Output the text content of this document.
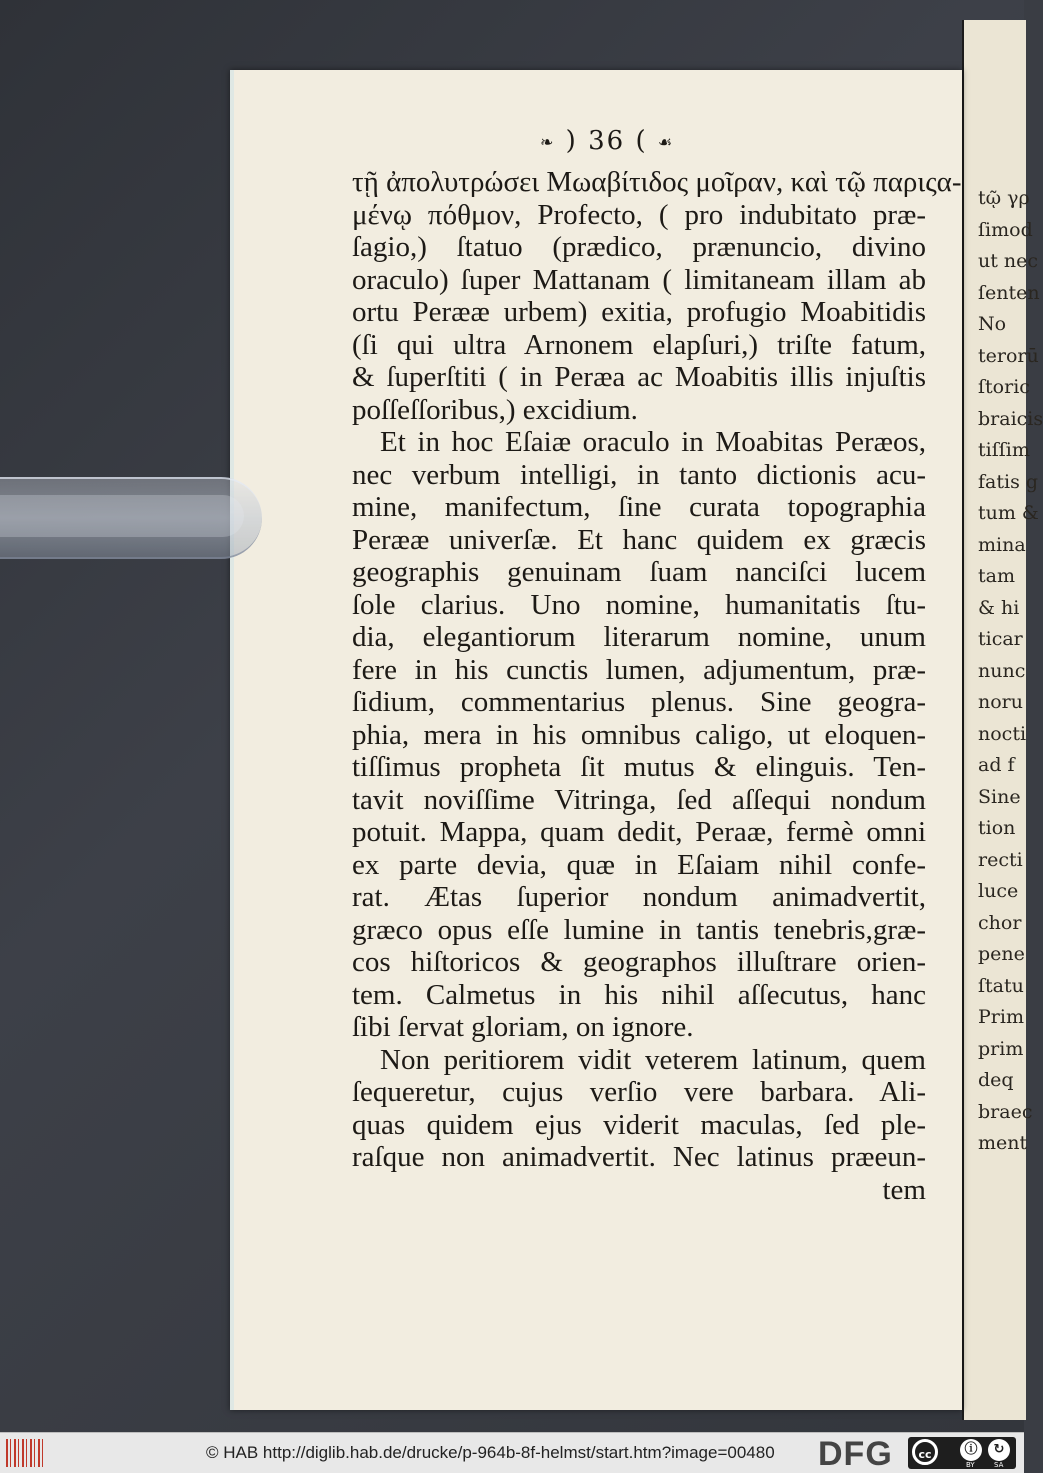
tῷ γρ
ſimod
ut nec
ſenten
No
terorū
ſtoric
braicis
tiſſim
fatis g
tum &
mina
tam
& hi
ticar
nunc
noru
nocti
ad f
Sine
tion
recti
luce
chor
pene
ſtatu
Prim
prim
deq
braec
ment
❧ ) 36 ( ☙
τῇ ἀπολυτρώσει Μωαβίτιδος μοῖραν, καὶ τῷ παριςα-
μένῳ πόθμον, Profecto, ( pro indubitato præ-
ſagio,) ſtatuo (prædico, prænuncio, divino
oraculo) ſuper Mattanam ( limitaneam illam ab
ortu Perææ urbem) exitia, profugio Moabitidis
(ſi qui ultra Arnonem elapſuri,) triſte fatum,
& ſuperſtiti ( in Peræa ac Moabitis illis injuſtis
poſſeſſoribus,) excidium.
Et in hoc Eſaiæ oraculo in Moabitas Peræos,
nec verbum intelligi, in tanto dictionis acu-
mine, manifectum, ſine curata topographia
Perææ univerſæ. Et hanc quidem ex græcis
geographis genuinam ſuam nanciſci lucem
ſole clarius. Uno nomine, humanitatis ſtu-
dia, elegantiorum literarum nomine, unum
fere in his cunctis lumen, adjumentum, præ-
ſidium, commentarius plenus. Sine geogra-
phia, mera in his omnibus caligo, ut eloquen-
tiſſimus propheta ſit mutus & elinguis. Ten-
tavit noviſſime Vitringa, ſed aſſequi nondum
potuit. Mappa, quam dedit, Peraæ, fermè omni
ex parte devia, quæ in Eſaiam nihil confe-
rat. Ætas ſuperior nondum animadvertit,
græco opus eſſe lumine in tantis tenebris,græ-
cos hiſtoricos & geographos illuſtrare orien-
tem. Calmetus in his nihil aſſecutus, hanc
ſibi ſervat gloriam, on ignore.
Non peritiorem vidit veterem latinum, quem
ſequeretur, cujus verſio vere barbara. Ali-
quas quidem ejus viderit maculas, ſed ple-
raſque non animadvertit. Nec latinus præeun-
tem
© HAB http://diglib.hab.de/drucke/p-964b-8f-helmst/start.htm?image=00480 DFG	cc	ⓘ	↻
BY	SA
